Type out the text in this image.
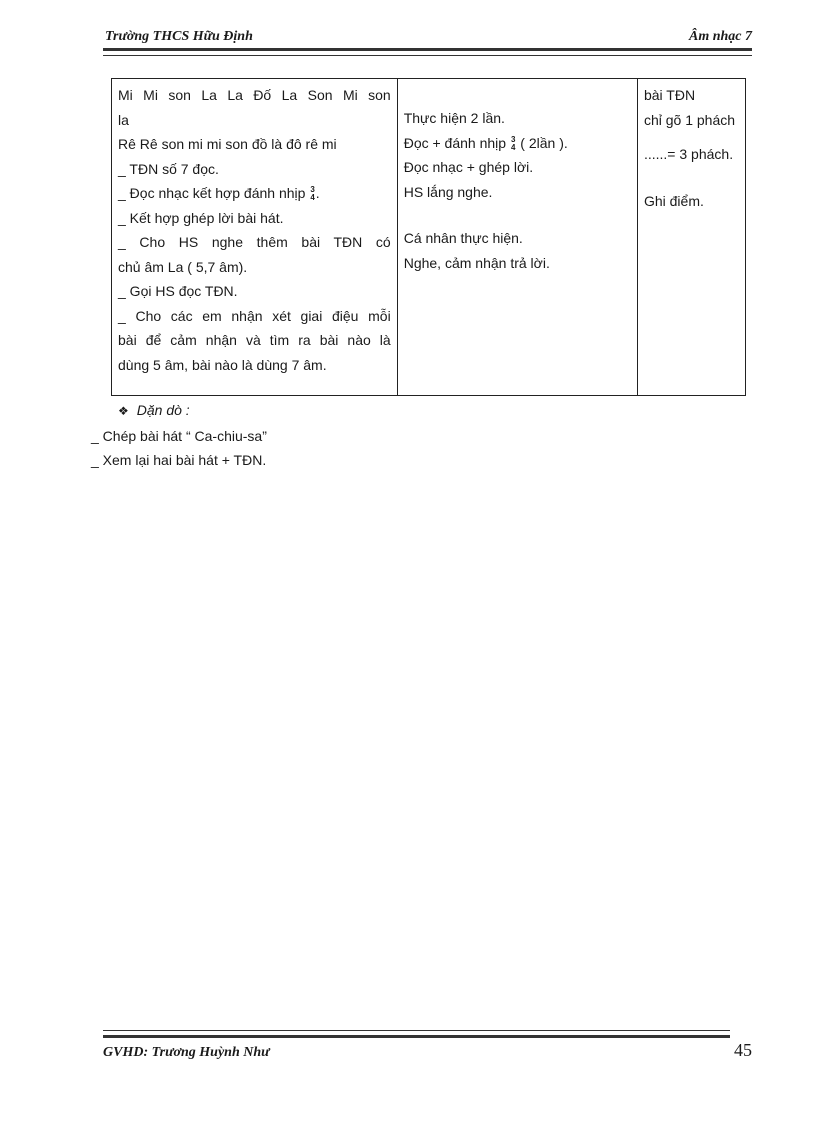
Trường THCS Hữu Định	Âm nhạc 7
Mi Mi son La La Đố La Son Mi son
la
Rê Rê son mi mi son đồ là đô rê mi
_ TĐN số 7 đọc.
_ Đọc nhạc kết hợp đánh nhịp 3
4 .
_ Kết hợp ghép lời bài hát.
_ Cho HS nghe thêm bài TĐN có
chủ âm La ( 5,7 âm).
_ Gọi HS đọc TĐN.
_ Cho các em nhận xét giai điệu mỗi
bài để cảm nhận và tìm ra bài nào là
dùng 5 âm, bài nào là dùng 7 âm.

Thực hiện 2 lần.
Đọc + đánh nhịp 3
4 ( 2lần ).
Đọc nhạc + ghép lời.
HS lắng nghe.
Cá nhân thực hiện.
Nghe, cảm nhận trả lời.

bài TĐN
chỉ gõ 1 phách
......= 3 phách.
Ghi điểm.
❖ Dặn dò :
_ Chép bài hát “ Ca-chiu-sa”
_ Xem lại hai bài hát + TĐN.
GVHD: Trương Huỳnh Như	45
